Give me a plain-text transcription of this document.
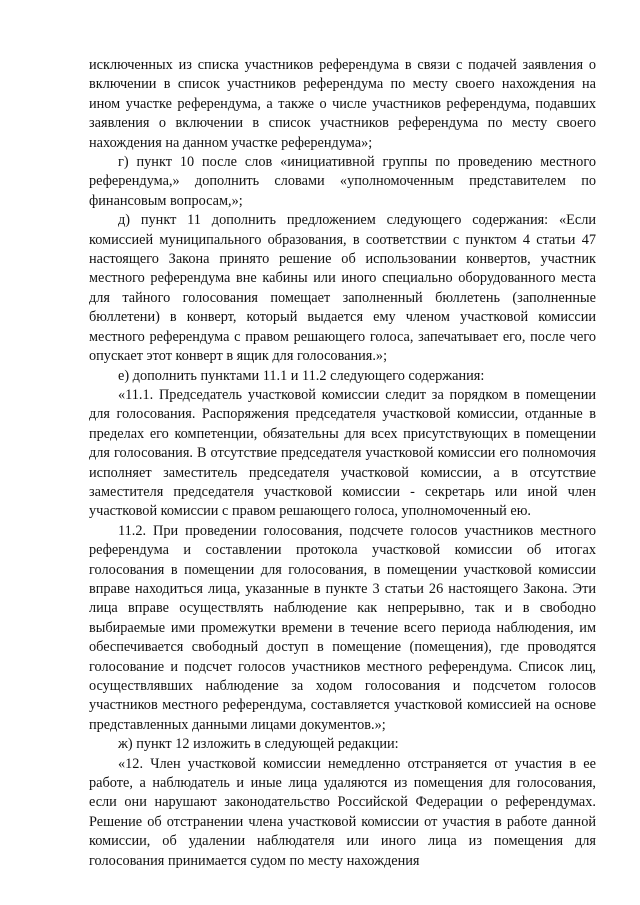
исключенных из списка участников референдума в связи с подачей заявления о включении в список участников референдума по месту своего нахождения на ином участке референдума, а также о числе участников референдума, подавших заявления о включении в список участников референдума по месту своего нахождения на данном участке референдума»;

г) пункт 10 после слов «инициативной группы по проведению местного референдума,» дополнить словами «уполномоченным представителем по финансовым вопросам,»;

д) пункт 11 дополнить предложением следующего содержания: «Если комиссией муниципального образования, в соответствии с пунктом 4 статьи 47 настоящего Закона принято решение об использовании конвертов, участник местного референдума вне кабины или иного специально оборудованного места для тайного голосования помещает заполненный бюллетень (заполненные бюллетени) в конверт, который выдается ему членом участковой комиссии местного референдума с правом решающего голоса, запечатывает его, после чего опускает этот конверт в ящик для голосования.»;

е) дополнить пунктами 11.1 и 11.2 следующего содержания:

«11.1. Председатель участковой комиссии следит за порядком в помещении для голосования. Распоряжения председателя участковой комиссии, отданные в пределах его компетенции, обязательны для всех присутствующих в помещении для голосования. В отсутствие председателя участковой комиссии его полномочия исполняет заместитель председателя участковой комиссии, а в отсутствие заместителя председателя участковой комиссии - секретарь или иной член участковой комиссии с правом решающего голоса, уполномоченный ею.

11.2. При проведении голосования, подсчете голосов участников местного референдума и составлении протокола участковой комиссии об итогах голосования в помещении для голосования, в помещении участковой комиссии вправе находиться лица, указанные в пункте 3 статьи 26 настоящего Закона. Эти лица вправе осуществлять наблюдение как непрерывно, так и в свободно выбираемые ими промежутки времени в течение всего периода наблюдения, им обеспечивается свободный доступ в помещение (помещения), где проводятся голосование и подсчет голосов участников местного референдума. Список лиц, осуществлявших наблюдение за ходом голосования и подсчетом голосов участников местного референдума, составляется участковой комиссией на основе представленных данными лицами документов.»;

ж) пункт 12 изложить в следующей редакции:

«12. Член участковой комиссии немедленно отстраняется от участия в ее работе, а наблюдатель и иные лица удаляются из помещения для голосования, если они нарушают законодательство Российской Федерации о референдумах. Решение об отстранении члена участковой комиссии от участия в работе данной комиссии, об удалении наблюдателя или иного лица из помещения для голосования принимается судом по месту нахождения
